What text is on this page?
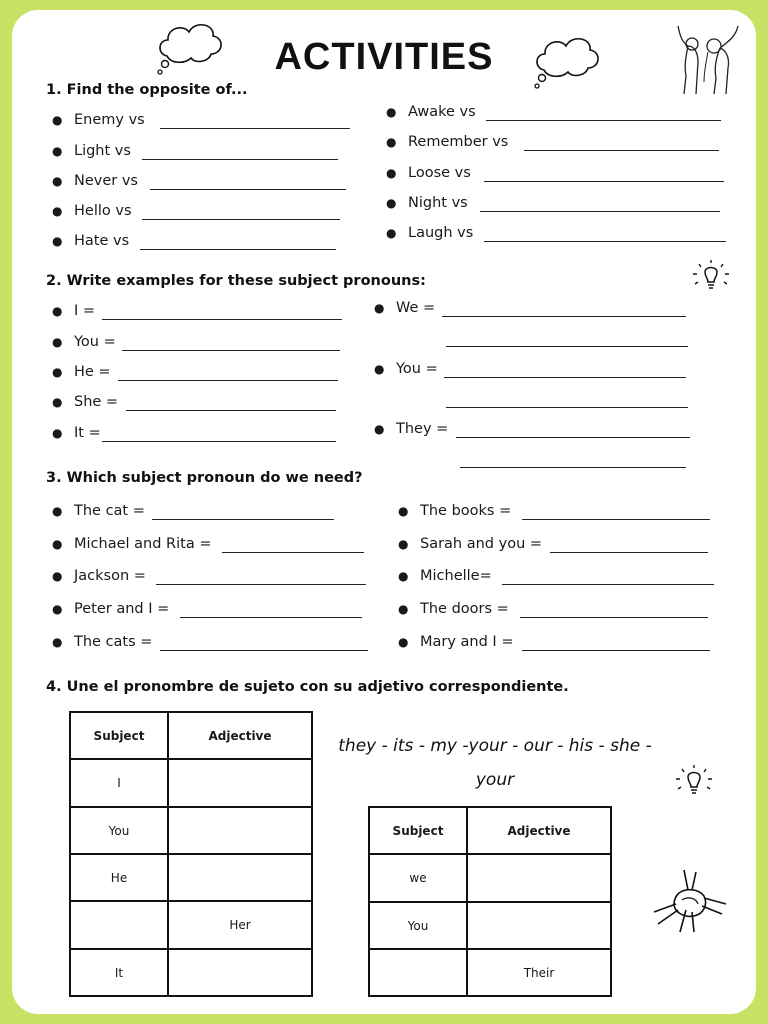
ACTIVITIES
1. Find the opposite of...
● Enemy vs
● Light vs
● Never vs
● Hello vs
● Hate vs
● Awake vs
● Remember vs
● Loose vs
● Night vs
● Laugh vs
2. Write examples for these subject pronouns:
● I =
● You =
● He =
● She =
● It =
● We =
● You =
● They =
3. Which subject pronoun do we need?
● The cat =
● Michael and Rita =
● Jackson =
● Peter and I =
● The cats =
● The books =
● Sarah and you =
● Michelle=
● The doors =
● Mary and I =
4. Une el pronombre de sujeto con su adjetivo correspondiente.
Subject	Adjective
I	
You	
He	
	Her
It	
they - its - my -your - our - his - she -
your
Subject	Adjective
we	
You	
	Their
